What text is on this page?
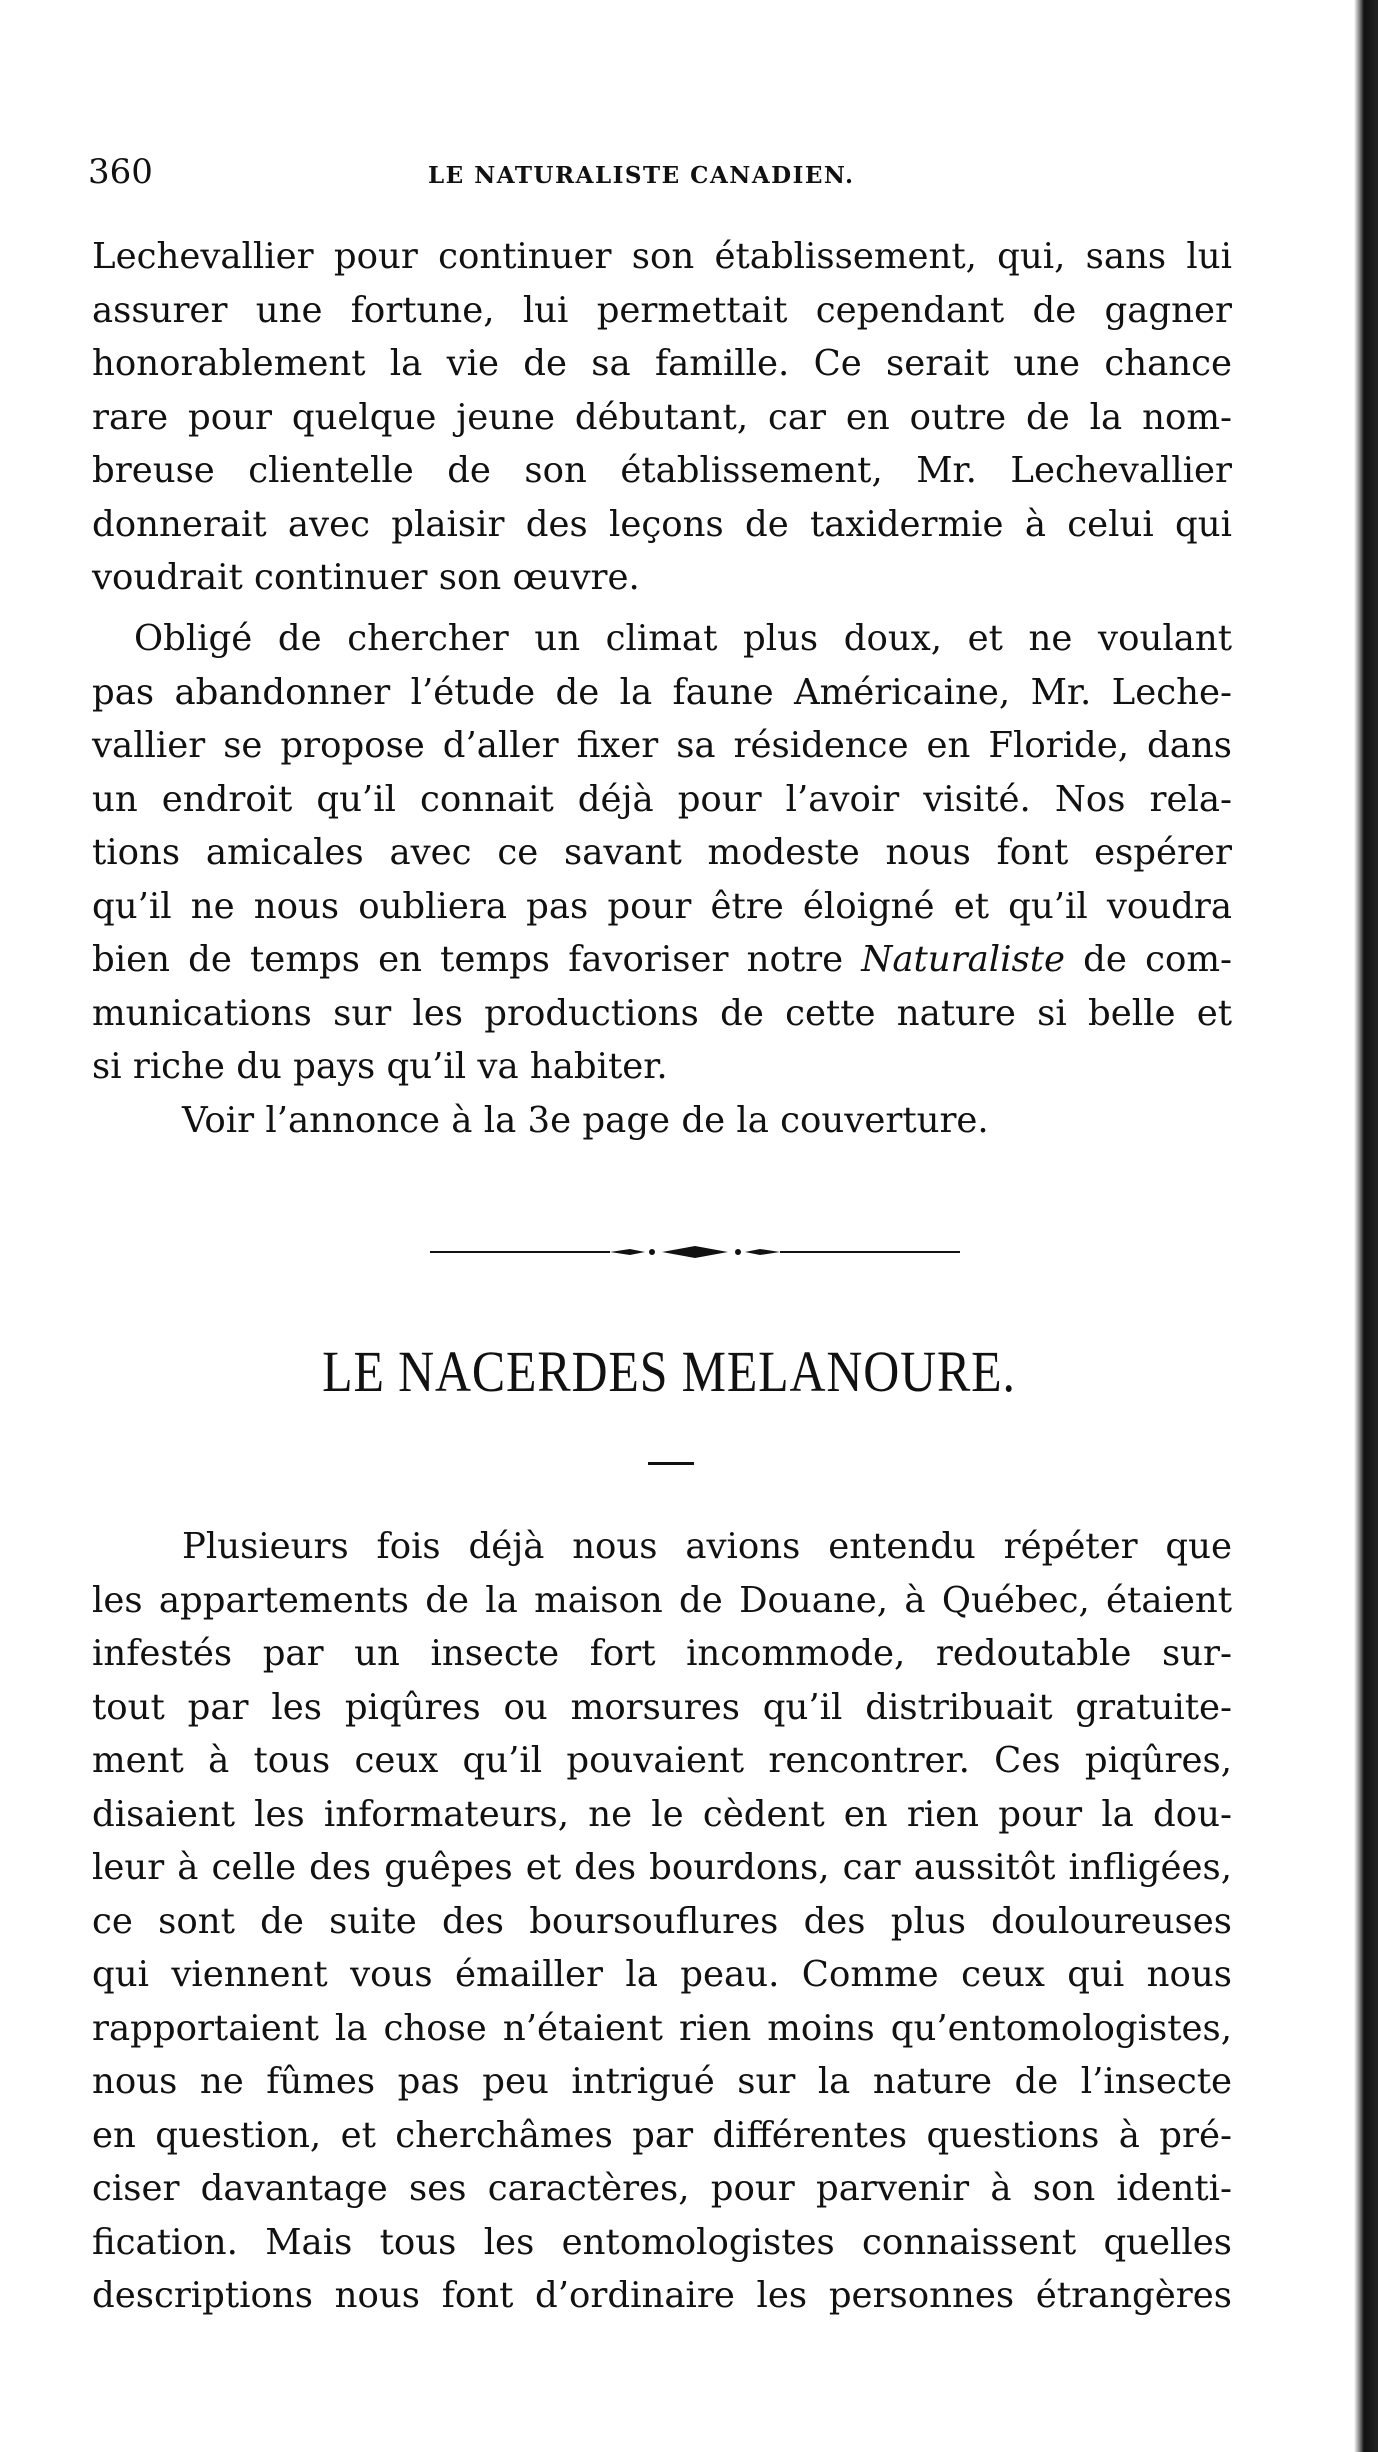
360	LE NATURALISTE CANADIEN.
Lechevallier pour continuer son établissement, qui, sans lui
assurer une fortune, lui permettait cependant de gagner
honorablement la vie de sa famille. Ce serait une chance
rare pour quelque jeune débutant, car en outre de la nom-
breuse clientelle de son établissement, Mr. Lechevallier
donnerait avec plaisir des leçons de taxidermie à celui qui
voudrait continuer son œuvre.
Obligé de chercher un climat plus doux, et ne voulant
pas abandonner l’étude de la faune Américaine, Mr. Leche-
vallier se propose d’aller fixer sa résidence en Floride, dans
un endroit qu’il connait déjà pour l’avoir visité. Nos rela-
tions amicales avec ce savant modeste nous font espérer
qu’il ne nous oubliera pas pour être éloigné et qu’il voudra
bien de temps en temps favoriser notre Naturaliste de com-
munications sur les productions de cette nature si belle et
si riche du pays qu’il va habiter.
Voir l’annonce à la 3e page de la couverture.
LE NACERDES MELANOURE.
Plusieurs fois déjà nous avions entendu répéter que
les appartements de la maison de Douane, à Québec, étaient
infestés par un insecte fort incommode, redoutable sur-
tout par les piqûres ou morsures qu’il distribuait gratuite-
ment à tous ceux qu’il pouvaient rencontrer. Ces piqûres,
disaient les informateurs, ne le cèdent en rien pour la dou-
leur à celle des guêpes et des bourdons, car aussitôt infligées,
ce sont de suite des boursouflures des plus douloureuses
qui viennent vous émailler la peau. Comme ceux qui nous
rapportaient la chose n’étaient rien moins qu’entomologistes,
nous ne fûmes pas peu intrigué sur la nature de l’insecte
en question, et cherchâmes par différentes questions à pré-
ciser davantage ses caractères, pour parvenir à son identi-
fication. Mais tous les entomologistes connaissent quelles
descriptions nous font d’ordinaire les personnes étrangères
